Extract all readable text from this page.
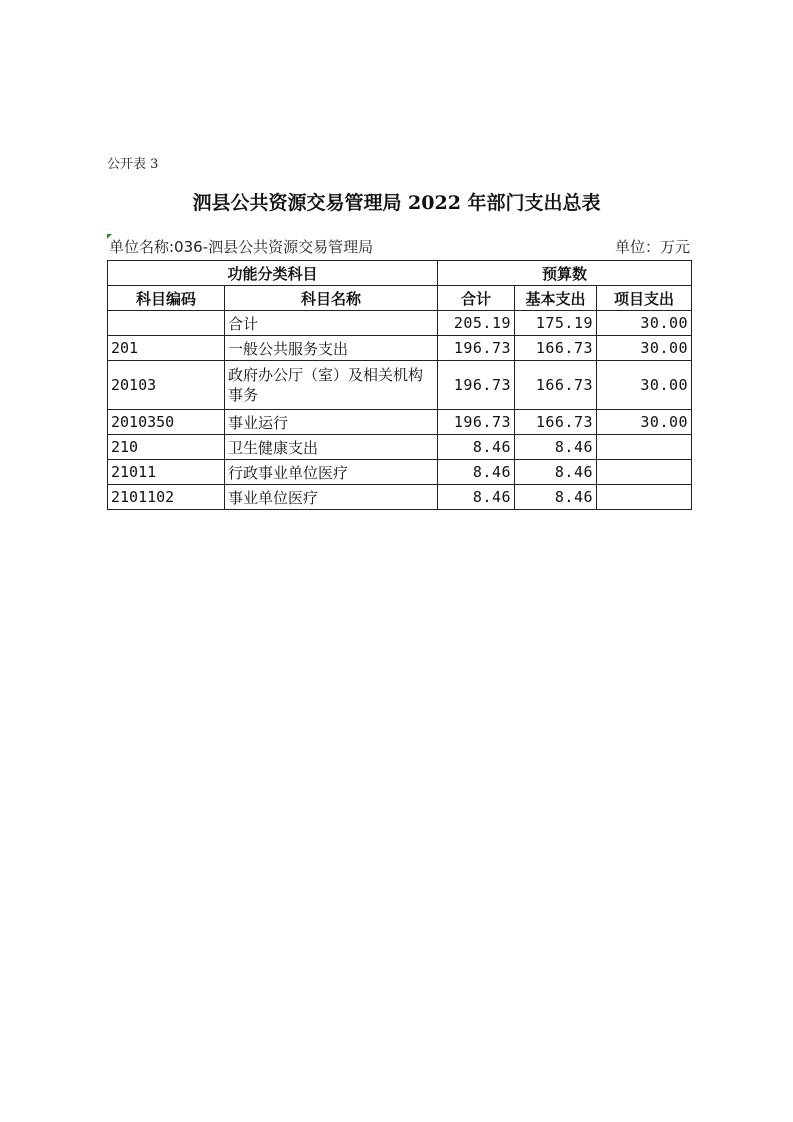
公开表 3
泗县公共资源交易管理局 2022 年部门支出总表
单位名称:036-泗县公共资源交易管理局	单位：万元
功能分类科目		预算数		
科目编码	科目名称	合计	基本支出	项目支出
	合计	205.19	175.19	30.00
201	一般公共服务支出	196.73	166.73	30.00
20103	政府办公厅（室）及相关机构事务	196.73	166.73	30.00
2010350	事业运行	196.73	166.73	30.00
210	卫生健康支出	8.46	8.46	
21011	行政事业单位医疗	8.46	8.46	
2101102	事业单位医疗	8.46	8.46	
